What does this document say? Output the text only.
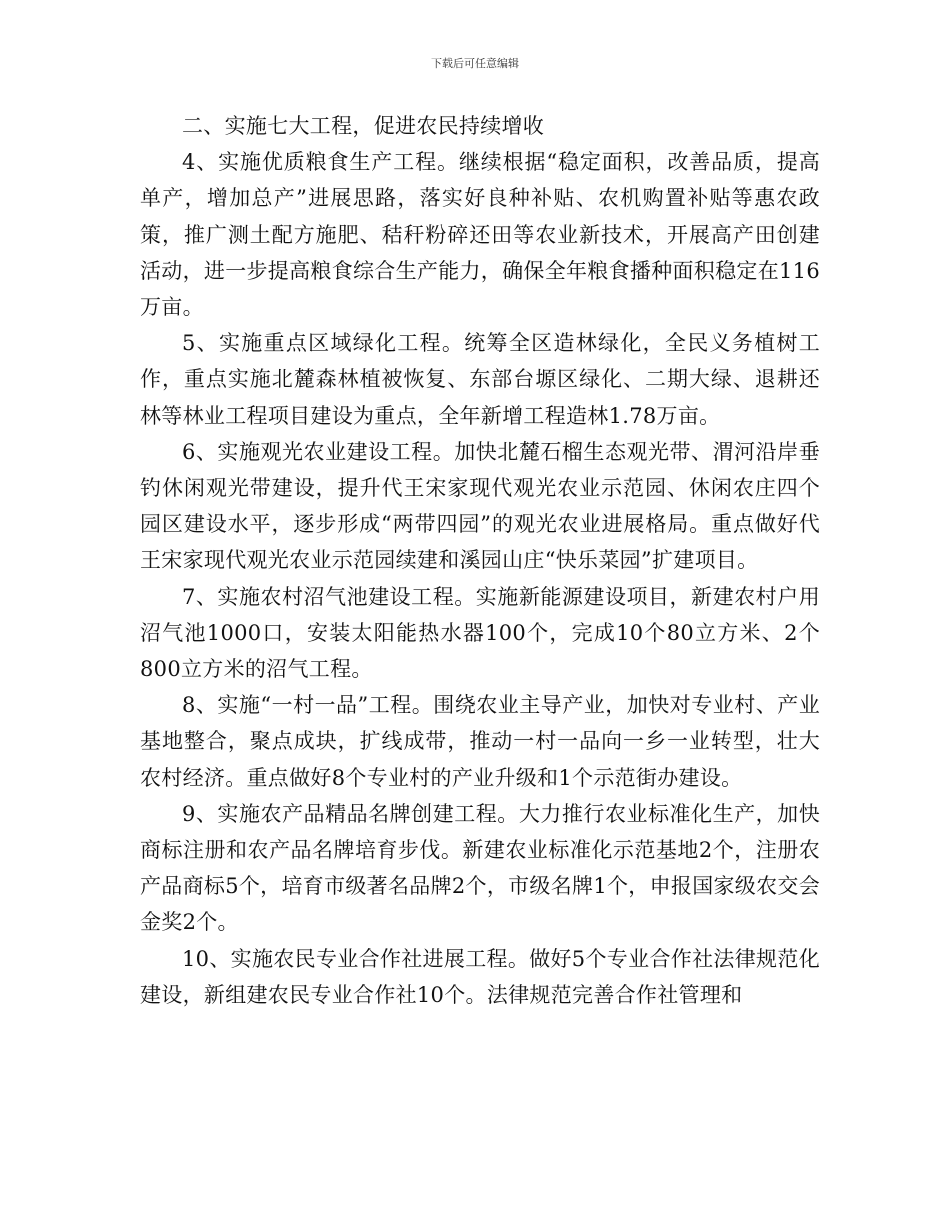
下载后可任意编辑

二、实施七大工程，促进农民持续增收

4、实施优质粮食生产工程。继续根据“稳定面积，改善品质，提高单产，增加总产”进展思路，落实好良种补贴、农机购置补贴等惠农政策，推广测土配方施肥、秸秆粉碎还田等农业新技术，开展高产田创建活动，进一步提高粮食综合生产能力，确保全年粮食播种面积稳定在116万亩。

5、实施重点区域绿化工程。统筹全区造林绿化，全民义务植树工作，重点实施北麓森林植被恢复、东部台塬区绿化、二期大绿、退耕还林等林业工程项目建设为重点，全年新增工程造林1.78万亩。

6、实施观光农业建设工程。加快北麓石榴生态观光带、渭河沿岸垂钓休闲观光带建设，提升代王宋家现代观光农业示范园、休闲农庄四个园区建设水平，逐步形成“两带四园”的观光农业进展格局。重点做好代王宋家现代观光农业示范园续建和溪园山庄“快乐菜园”扩建项目。

7、实施农村沼气池建设工程。实施新能源建设项目，新建农村户用沼气池1000口，安装太阳能热水器100个，完成10个80立方米、2个800立方米的沼气工程。

8、实施“一村一品”工程。围绕农业主导产业，加快对专业村、产业基地整合，聚点成块，扩线成带，推动一村一品向一乡一业转型，壮大农村经济。重点做好8个专业村的产业升级和1个示范街办建设。

9、实施农产品精品名牌创建工程。大力推行农业标准化生产，加快商标注册和农产品名牌培育步伐。新建农业标准化示范基地2个，注册农产品商标5个，培育市级著名品牌2个，市级名牌1个，申报国家级农交会金奖2个。

10、实施农民专业合作社进展工程。做好5个专业合作社法律规范化建设，新组建农民专业合作社10个。法律规范完善合作社管理和
